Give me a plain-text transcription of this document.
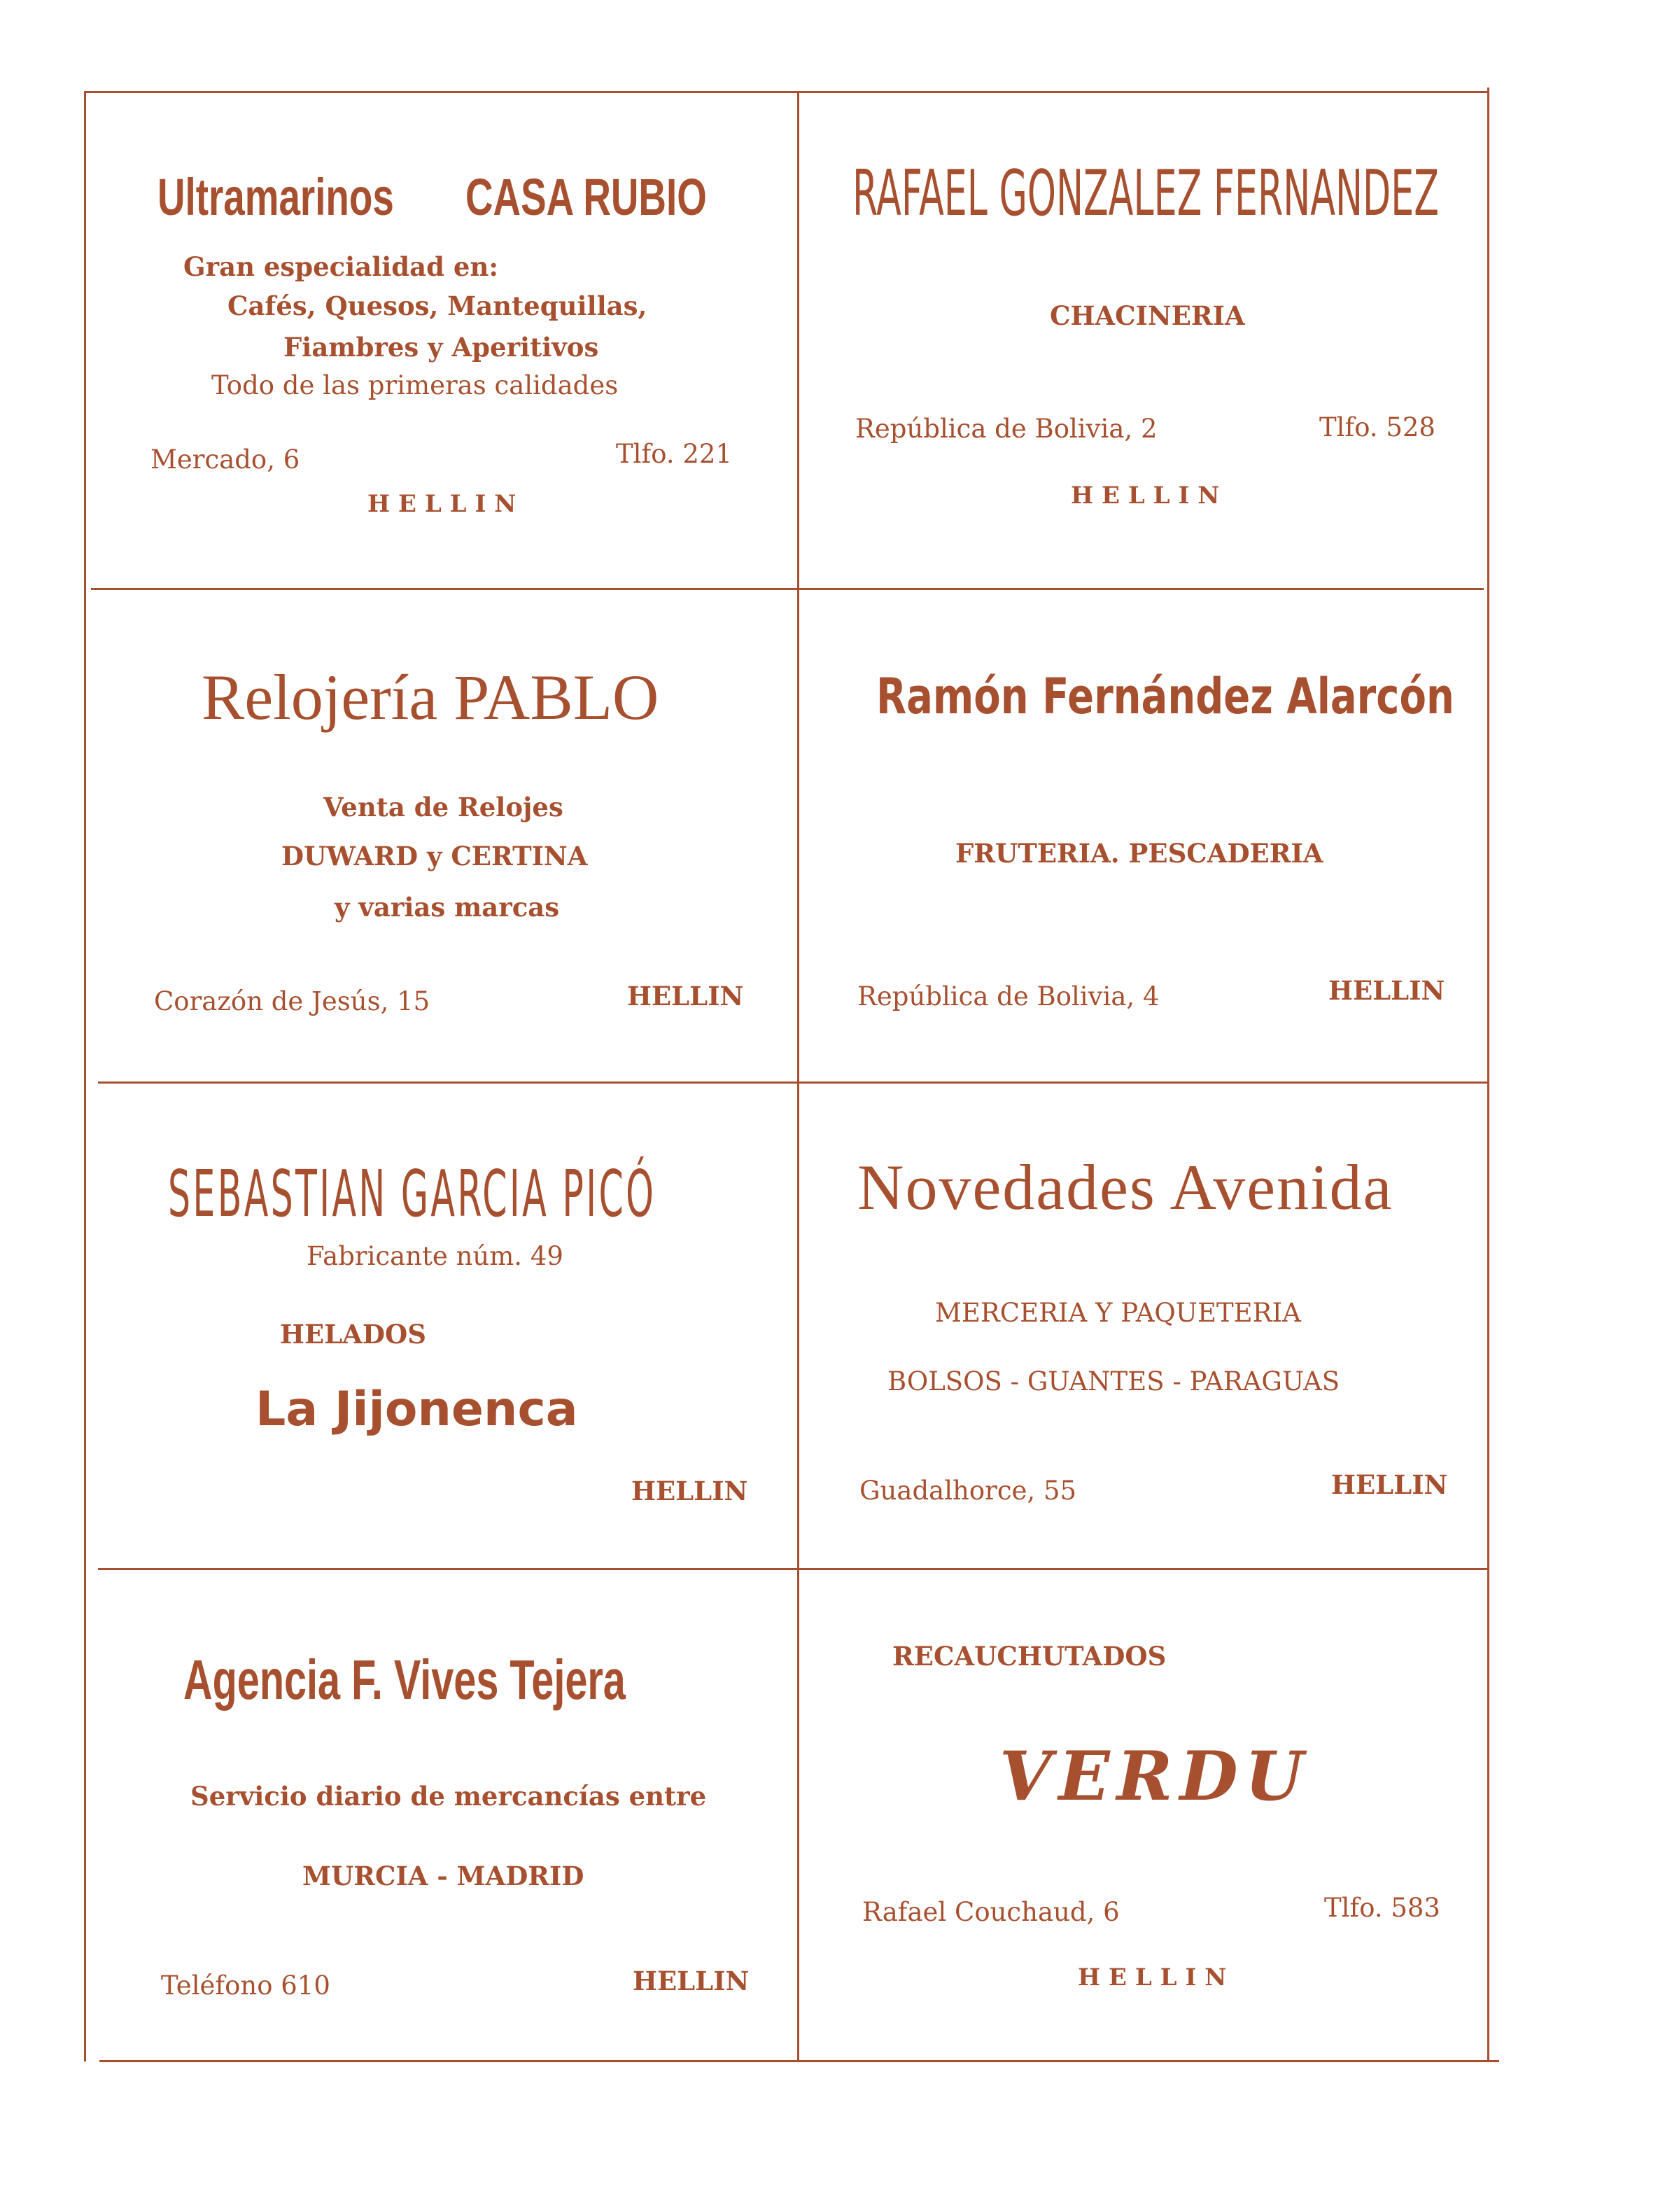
Ultramarinos CASA RUBIO
Gran especialidad en:
Cafés, Quesos, Mantequillas,
Fiambres y Aperitivos
Todo de las primeras calidades
Mercado, 6	Tlfo. 221
HELLIN
RAFAEL GONZALEZ FERNANDEZ
CHACINERIA
República de Bolivia, 2	Tlfo. 528
HELLIN
Relojería PABLO
Venta de Relojes
DUWARD y CERTINA
y varias marcas
Corazón de Jesús, 15	HELLIN
Ramón Fernández Alarcón
FRUTERIA. PESCADERIA
República de Bolivia, 4	HELLIN
SEBASTIAN GARCIA PICÓ
Fabricante núm. 49
HELADOS
La Jijonenca
HELLIN
Novedades Avenida
MERCERIA Y PAQUETERIA
BOLSOS - GUANTES - PARAGUAS
Guadalhorce, 55	HELLIN
Agencia F. Vives Tejera
Servicio diario de mercancías entre
MURCIA - MADRID
Teléfono 610	HELLIN
RECAUCHUTADOS
VERDU
Rafael Couchaud, 6	Tlfo. 583
HELLIN
